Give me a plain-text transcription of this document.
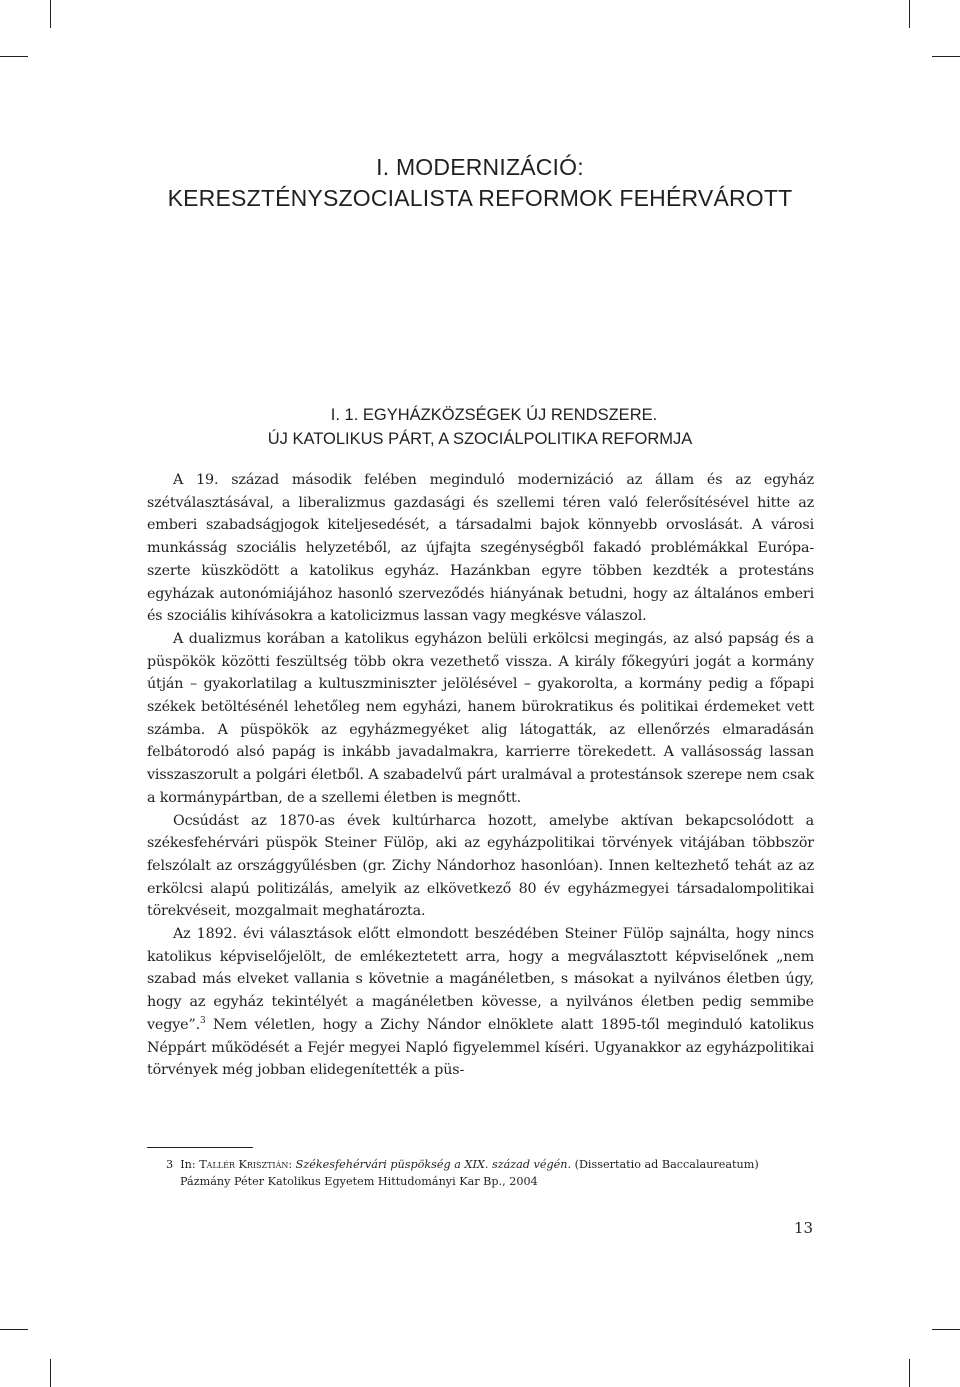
I. MODERNIZÁCIÓ:
KERESZTÉNYSZOCIALISTA REFORMOK FEHÉRVÁROTT
I. 1. EGYHÁZKÖZSÉGEK ÚJ RENDSZERE.
ÚJ KATOLIKUS PÁRT, A SZOCIÁLPOLITIKA REFORMJA

A 19. század második felében meginduló modernizáció az állam és az egyház szétválasztásával, a liberalizmus gazdasági és szellemi téren való felerősítésével hitte az emberi szabadságjogok kiteljesedését, a társadalmi bajok könnyebb orvoslását. A városi munkásság szociális helyzetéből, az újfajta szegénységből fakadó problémákkal Európa-szerte küszködött a katolikus egyház. Hazánkban egyre többen kezdték a protestáns egyházak autonómiájához hasonló szerveződés hiányának betudni, hogy az általános emberi és szociális kihívásokra a katolicizmus lassan vagy megkésve válaszol.

A dualizmus korában a katolikus egyházon belüli erkölcsi megingás, az alsó papság és a püspökök közötti feszültség több okra vezethető vissza. A király főkegyúri jogát a kormány útján – gyakorlatilag a kultuszminiszter jelölésével – gyakorolta, a kormány pedig a főpapi székek betöltésénél lehetőleg nem egyházi, hanem bürokratikus és politikai érdemeket vett számba. A püspökök az egyházmegyéket alig látogatták, az ellenőrzés elmaradásán felbátorodó alsó papág is inkább javadalmakra, karrierre törekedett. A vallásosság lassan visszaszorult a polgári életből. A szabadelvű párt uralmával a protestánsok szerepe nem csak a kormánypártban, de a szellemi életben is megnőtt.

Ocsúdást az 1870-as évek kultúrharca hozott, amelybe aktívan bekapcsolódott a székesfehérvári püspök Steiner Fülöp, aki az egyházpolitikai törvények vitájában többször felszólalt az országgyűlésben (gr. Zichy Nándorhoz hasonlóan). Innen keltezhető tehát az az erkölcsi alapú politizálás, amelyik az elkövetkező 80 év egyházmegyei társadalompolitikai törekvéseit, mozgalmait meghatározta.

Az 1892. évi választások előtt elmondott beszédében Steiner Fülöp sajnálta, hogy nincs katolikus képviselőjelölt, de emlékeztetett arra, hogy a megválasztott képviselőnek „nem szabad más elveket vallania s követnie a magánéletben, s másokat a nyilvános életben úgy, hogy az egyház tekintélyét a magánéletben kövesse, a nyilvános életben pedig semmibe vegye”.$^3$ Nem véletlen, hogy a Zichy Nándor elnöklete alatt 1895-től meginduló katolikus Néppárt működését a Fejér megyei Napló figyelemmel kíséri. Ugyanakkor az egyházpolitikai törvények még jobban elidegenítették a püs-

3 In: Tallér Krisztián: Székesfehérvári püspökség a XIX. század végén. (Dissertatio ad Baccalaureatum)
Pázmány Péter Katolikus Egyetem Hittudományi Kar Bp., 2004
13
